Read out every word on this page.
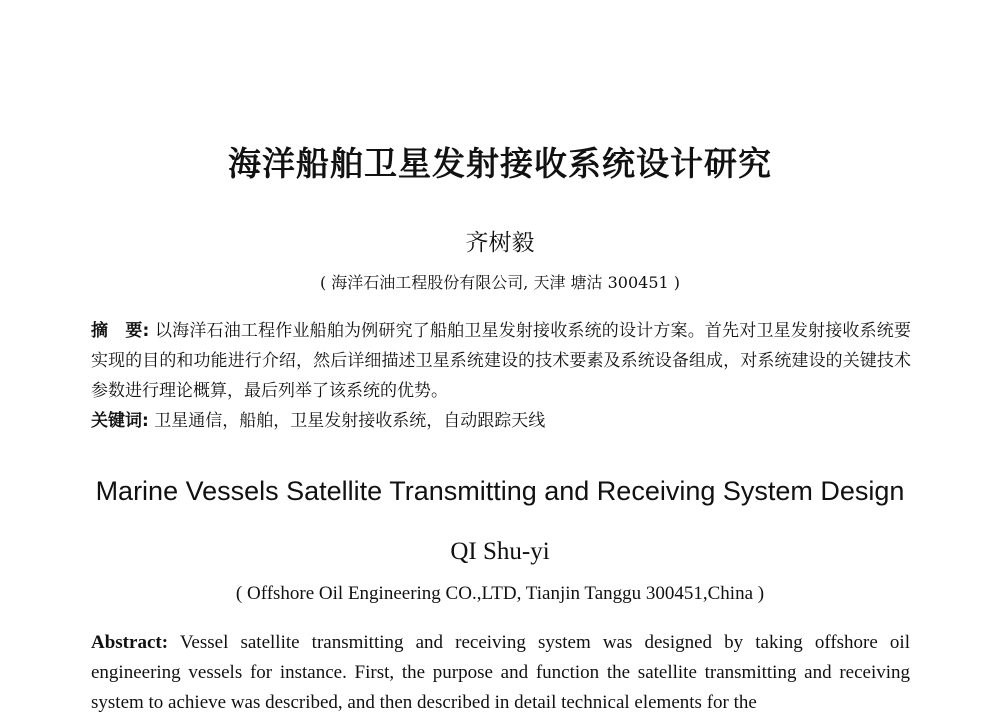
海洋船舶卫星发射接收系统设计研究
齐树毅
( 海洋石油工程股份有限公司, 天津 塘沽 300451 )
摘　要: 以海洋石油工程作业船舶为例研究了船舶卫星发射接收系统的设计方案。首先对卫星发射接收系统要实现的目的和功能进行介绍，然后详细描述卫星系统建设的技术要素及系统设备组成，对系统建设的关键技术参数进行理论概算，最后列举了该系统的优势。
关键词: 卫星通信，船舶，卫星发射接收系统，自动跟踪天线
Marine Vessels Satellite Transmitting and Receiving System Design
QI Shu-yi
( Offshore Oil Engineering CO.,LTD, Tianjin Tanggu 300451,China )
Abstract: Vessel satellite transmitting and receiving system was designed by taking offshore oil engineering vessels for instance. First, the purpose and function the satellite transmitting and receiving system to achieve was described, and then described in detail technical elements for the
